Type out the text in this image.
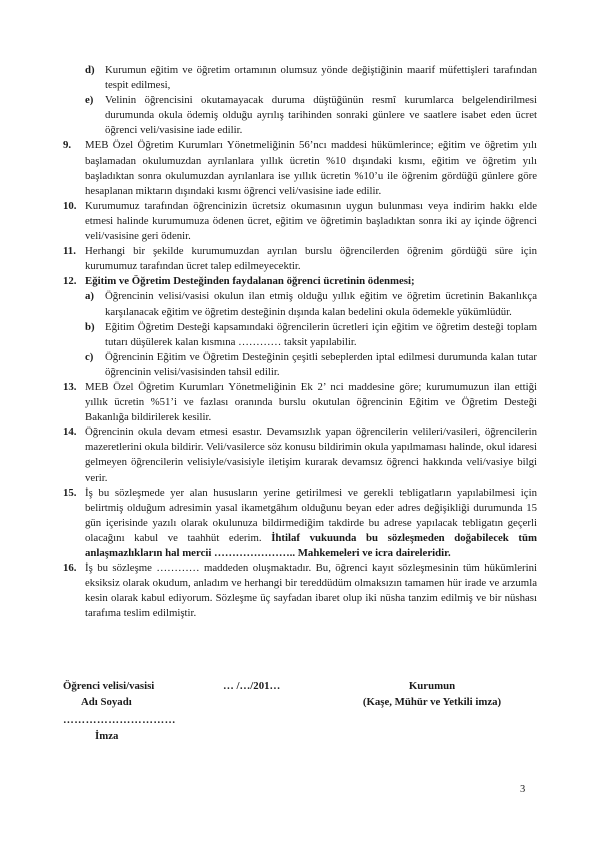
d) Kurumun eğitim ve öğretim ortamının olumsuz yönde değiştiğinin maarif müfettişleri tarafından tespit edilmesi,
e)	Velinin öğrencisini okutamayacak duruma düştüğünün resmî kurumlarca belgelendirilmesi durumunda okula ödemiş olduğu ayrılış tarihinden sonraki günlere ve saatlere isabet eden ücret öğrenci veli/vasisine iade edilir.
9.	MEB Özel Öğretim Kurumları Yönetmeliğinin 56’ncı maddesi hükümlerince; eğitim ve öğretim yılı başlamadan okulumuzdan ayrılanlara yıllık ücretin %10 dışındaki kısmı, eğitim ve öğretim yılı başladıktan sonra okulumuzdan ayrılanlara ise yıllık ücretin %10’u ile öğrenim gördüğü günlere göre hesaplanan miktarın dışındaki kısmı öğrenci veli/vasisine iade edilir.
10. Kurumumuz tarafından öğrencinizin ücretsiz okumasının uygun bulunması veya indirim hakkı elde etmesi halinde kurumumuza ödenen ücret, eğitim ve öğretimin başladıktan sonra iki ay içinde öğrenci veli/vasisine geri ödenir.
11. Herhangi bir şekilde kurumumuzdan ayrılan burslu öğrencilerden öğrenim gördüğü süre için kurumumuz tarafından ücret talep edilmeyecektir.
12. Eğitim ve Öğretim Desteğinden faydalanan öğrenci ücretinin ödenmesi;
a)	Öğrencinin velisi/vasisi okulun ilan etmiş olduğu yıllık eğitim ve öğretim ücretinin Bakanlıkça karşılanacak eğitim ve öğretim desteğinin dışında kalan bedelini okula ödemekle yükümlüdür.
b) Eğitim Öğretim Desteği kapsamındaki öğrencilerin ücretleri için eğitim ve öğretim desteği toplam tutarı düşülerek kalan kısmına ………… taksit yapılabilir.
c)	Öğrencinin Eğitim ve Öğretim Desteğinin çeşitli sebeplerden iptal edilmesi durumunda kalan tutar öğrencinin velisi/vasisinden tahsil edilir.
13. MEB Özel Öğretim Kurumları Yönetmeliğinin Ek 2’ nci maddesine göre; kurumumuzun ilan ettiği yıllık ücretin %51’i ve fazlası oranında burslu okutulan öğrencinin Eğitim ve Öğretim Desteği Bakanlığa bildirilerek kesilir.
14. Öğrencinin okula devam etmesi esastır. Devamsızlık yapan öğrencilerin velileri/vasileri, öğrencilerin mazeretlerini okula bildirir. Veli/vasilerce söz konusu bildirimin okula yapılmaması halinde, okul idaresi gelmeyen öğrencilerin velisiyle/vasisiyle iletişim kurarak devamsız öğrenci hakkında veli/vasiye bilgi verir.
15. İş bu sözleşmede yer alan hususların yerine getirilmesi ve gerekli tebligatların yapılabilmesi için belirtmiş olduğum adresimin yasal ikametgâhım olduğunu beyan eder adres değişikliği durumunda 15 gün içerisinde yazılı olarak okulunuza bildirmediğim takdirde bu adrese yapılacak tebligatın geçerli olacağını kabul ve taahhüt ederim. İhtilaf vukuunda bu sözleşmeden doğabilecek tüm anlaşmazlıkların hal mercii ………………….. Mahkemeleri ve icra daireleridir.
16. İş bu sözleşme ………… maddeden oluşmaktadır. Bu, öğrenci kayıt sözleşmesinin tüm hükümlerini eksiksiz olarak okudum, anladım ve herhangi bir tereddüdüm olmaksızın tamamen hür irade ve arzumla kesin olarak kabul ediyorum. Sözleşme üç sayfadan ibaret olup iki nüsha tanzim edilmiş ve bir nüshası tarafıma teslim edilmiştir.
Öğrenci velisi/vasisi
Adı Soyadı
…………………………
İmza
… /…/201…	Kurumun
(Kaşe, Mühür ve Yetkili imza)
3
